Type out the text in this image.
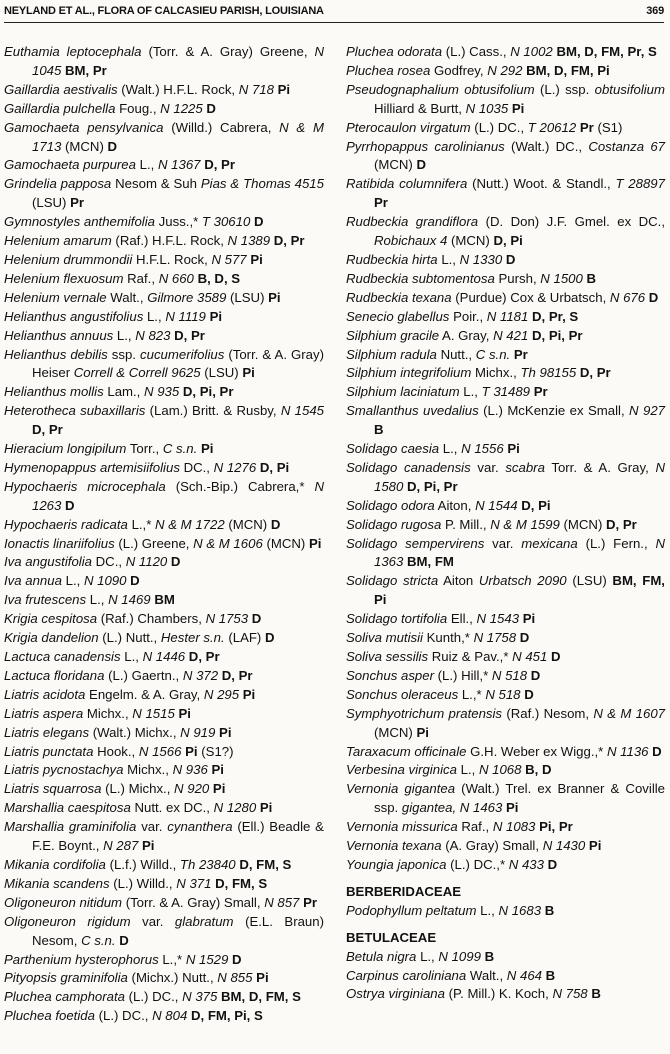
NEYLAND ET AL., FLORA OF CALCASIEU PARISH, LOUISIANA	369
Euthamia leptocephala (Torr. & A. Gray) Greene, N 1045 BM, Pr
Gaillardia aestivalis (Walt.) H.F.L. Rock, N 718 Pi
Gaillardia pulchella Foug., N 1225 D
Gamochaeta pensylvanica (Willd.) Cabrera, N & M 1713 (MCN) D
Gamochaeta purpurea L., N 1367 D, Pr
Grindelia papposa Nesom & Suh Pias & Thomas 4515 (LSU) Pr
Gymnostyles anthemifolia Juss.,* T 30610 D
Helenium amarum (Raf.) H.F.L. Rock, N 1389 D, Pr
Helenium drummondii H.F.L. Rock, N 577 Pi
Helenium flexuosum Raf., N 660 B, D, S
Helenium vernale Walt., Gilmore 3589 (LSU) Pi
Helianthus angustifolius L., N 1119 Pi
Helianthus annuus L., N 823 D, Pr
Helianthus debilis ssp. cucumerifolius (Torr. & A. Gray) Heiser Correll & Correll 9625 (LSU) Pi
Helianthus mollis Lam., N 935 D, Pi, Pr
Heterotheca subaxillaris (Lam.) Britt. & Rusby, N 1545 D, Pr
Hieracium longipilum Torr., C s.n. Pi
Hymenopappus artemisiifolius DC., N 1276 D, Pi
Hypochaeris microcephala (Sch.-Bip.) Cabrera,* N 1263 D
Hypochaeris radicata L.,* N & M 1722 (MCN) D
Ionactis linariifolius (L.) Greene, N & M 1606 (MCN) Pi
Iva angustifolia DC., N 1120 D
Iva annua L., N 1090 D
Iva frutescens L., N 1469 BM
Krigia cespitosa (Raf.) Chambers, N 1753 D
Krigia dandelion (L.) Nutt., Hester s.n. (LAF) D
Lactuca canadensis L., N 1446 D, Pr
Lactuca floridana (L.) Gaertn., N 372 D, Pr
Liatris acidota Engelm. & A. Gray, N 295 Pi
Liatris aspera Michx., N 1515 Pi
Liatris elegans (Walt.) Michx., N 919 Pi
Liatris punctata Hook., N 1566 Pi (S1?)
Liatris pycnostachya Michx., N 936 Pi
Liatris squarrosa (L.) Michx., N 920 Pi
Marshallia caespitosa Nutt. ex DC., N 1280 Pi
Marshallia graminifolia var. cynanthera (Ell.) Beadle & F.E. Boynt., N 287 Pi
Mikania cordifolia (L.f.) Willd., Th 23840 D, FM, S
Mikania scandens (L.) Willd., N 371 D, FM, S
Oligoneuron nitidum (Torr. & A. Gray) Small, N 857 Pr
Oligoneuron rigidum var. glabratum (E.L. Braun) Nesom, C s.n. D
Parthenium hysterophorus L.,* N 1529 D
Pityopsis graminifolia (Michx.) Nutt., N 855 Pi
Pluchea camphorata (L.) DC., N 375 BM, D, FM, S
Pluchea foetida (L.) DC., N 804 D, FM, Pi, S
Pluchea odorata (L.) Cass., N 1002 BM, D, FM, Pr, S
Pluchea rosea Godfrey, N 292 BM, D, FM, Pi
Pseudognaphalium obtusifolium (L.) ssp. obtusifolium Hilliard & Burtt, N 1035 Pi
Pterocaulon virgatum (L.) DC., T 20612 Pr (S1)
Pyrrhopappus carolinianus (Walt.) DC., Costanza 67 (MCN) D
Ratibida columnifera (Nutt.) Woot. & Standl., T 28897 Pr
Rudbeckia grandiflora (D. Don) J.F. Gmel. ex DC., Robichaux 4 (MCN) D, Pi
Rudbeckia hirta L., N 1330 D
Rudbeckia subtomentosa Pursh, N 1500 B
Rudbeckia texana (Purdue) Cox & Urbatsch, N 676 D
Senecio glabellus Poir., N 1181 D, Pr, S
Silphium gracile A. Gray, N 421 D, Pi, Pr
Silphium radula Nutt., C s.n. Pr
Silphium integrifolium Michx., Th 98155 D, Pr
Silphium laciniatum L., T 31489 Pr
Smallanthus uvedalius (L.) McKenzie ex Small, N 927 B
Solidago caesia L., N 1556 Pi
Solidago canadensis var. scabra Torr. & A. Gray, N 1580 D, Pi, Pr
Solidago odora Aiton, N 1544 D, Pi
Solidago rugosa P. Mill., N & M 1599 (MCN) D, Pr
Solidago sempervirens var. mexicana (L.) Fern., N 1363 BM, FM
Solidago stricta Aiton Urbatsch 2090 (LSU) BM, FM, Pi
Solidago tortifolia Ell., N 1543 Pi
Soliva mutisii Kunth,* N 1758 D
Soliva sessilis Ruiz & Pav.,* N 451 D
Sonchus asper (L.) Hill,* N 518 D
Sonchus oleraceus L.,* N 518 D
Symphyotrichum pratensis (Raf.) Nesom, N & M 1607 (MCN) Pi
Taraxacum officinale G.H. Weber ex Wigg.,* N 1136 D
Verbesina virginica L., N 1068 B, D
Vernonia gigantea (Walt.) Trel. ex Branner & Coville ssp. gigantea, N 1463 Pi
Vernonia missurica Raf., N 1083 Pi, Pr
Vernonia texana (A. Gray) Small, N 1430 Pi
Youngia japonica (L.) DC.,* N 433 D
BERBERIDACEAE
Podophyllum peltatum L., N 1683 B
BETULACEAE
Betula nigra L., N 1099 B
Carpinus caroliniana Walt., N 464 B
Ostrya virginiana (P. Mill.) K. Koch, N 758 B
